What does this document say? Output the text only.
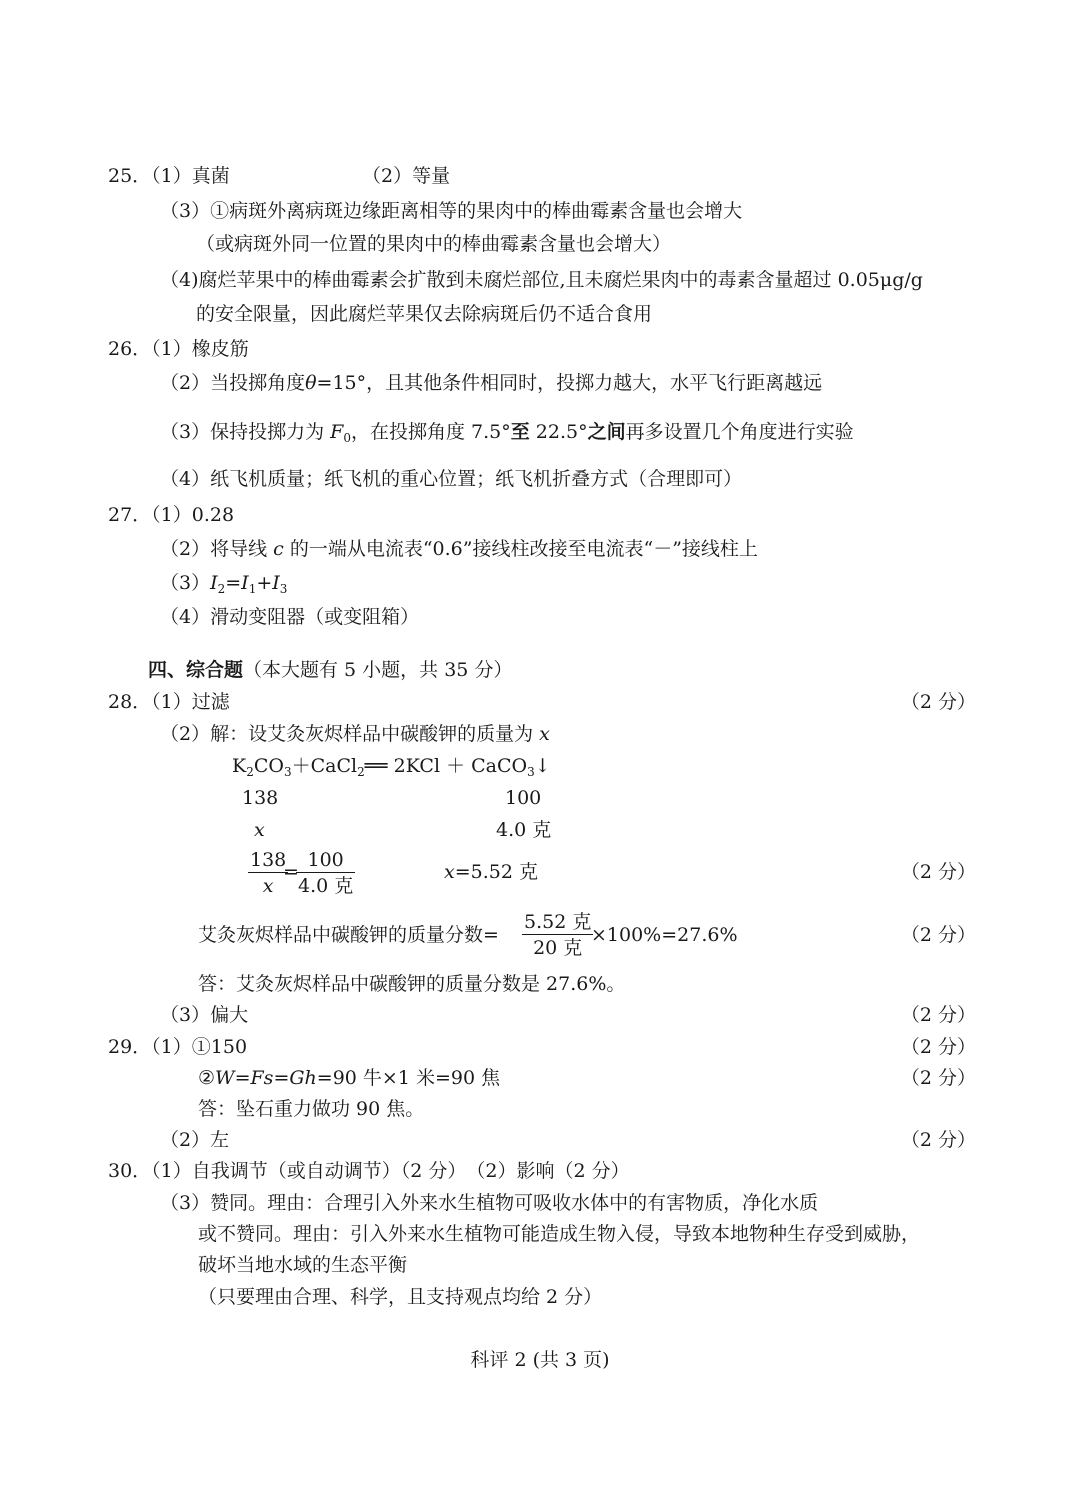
25．（1）真菌	（2）等量
（3）①病斑外离病斑边缘距离相等的果肉中的棒曲霉素含量也会增大
（或病斑外同一位置的果肉中的棒曲霉素含量也会增大）
（4)腐烂苹果中的棒曲霉素会扩散到未腐烂部位,且未腐烂果肉中的毒素含量超过 0.05μg/g
的安全限量，因此腐烂苹果仅去除病斑后仍不适合食用
26．（1）橡皮筋
（2）当投掷角度θ=15°，且其他条件相同时，投掷力越大，水平飞行距离越远
（3）保持投掷力为 $F_0$，在投掷角度 7.5°至 22.5°之间再多设置几个角度进行实验
（4）纸飞机质量；纸飞机的重心位置；纸飞机折叠方式（合理即可）
27．（1）0.28
（2）将导线 c 的一端从电流表“0.6”接线柱改接至电流表“－”接线柱上
$(3)I_2=I_1+I_3$
（4）滑动变阻器（或变阻箱）
四、综合题（本大题有 5 小题，共 35 分）
28．（1）过滤	（2 分）
（2）解：设艾灸灰烬样品中碳酸钾的质量为 x
$K_2CO_3+CaCl_2══$ 2KCl ＋ CaCO$_3$↓
138	100
x	4.0 克
$\frac{138}{x}$
=
100
4.0 克
x=5.52 克	（2 分）
艾灸灰烬样品中碳酸钾的质量分数=
5.52 克
20 克
×100%=27.6%	（2 分）
答：艾灸灰烬样品中碳酸钾的质量分数是 27.6%。
（3）偏大	（2 分）
29．（1）①150	（2 分）
②W=Fs=Gh=90 牛×1 米=90 焦	（2 分）
答：坠石重力做功 90 焦。
（2）左	（2 分）
30．（1）自我调节（或自动调节）（2 分）　（2）影响（2 分）
（3）赞同。理由：合理引入外来水生植物可吸收水体中的有害物质，净化水质
或不赞同。理由：引入外来水生植物可能造成生物入侵，导致本地物种生存受到威胁，
破坏当地水域的生态平衡
（只要理由合理、科学，且支持观点均给 2 分）
科评 2 (共 3 页)
